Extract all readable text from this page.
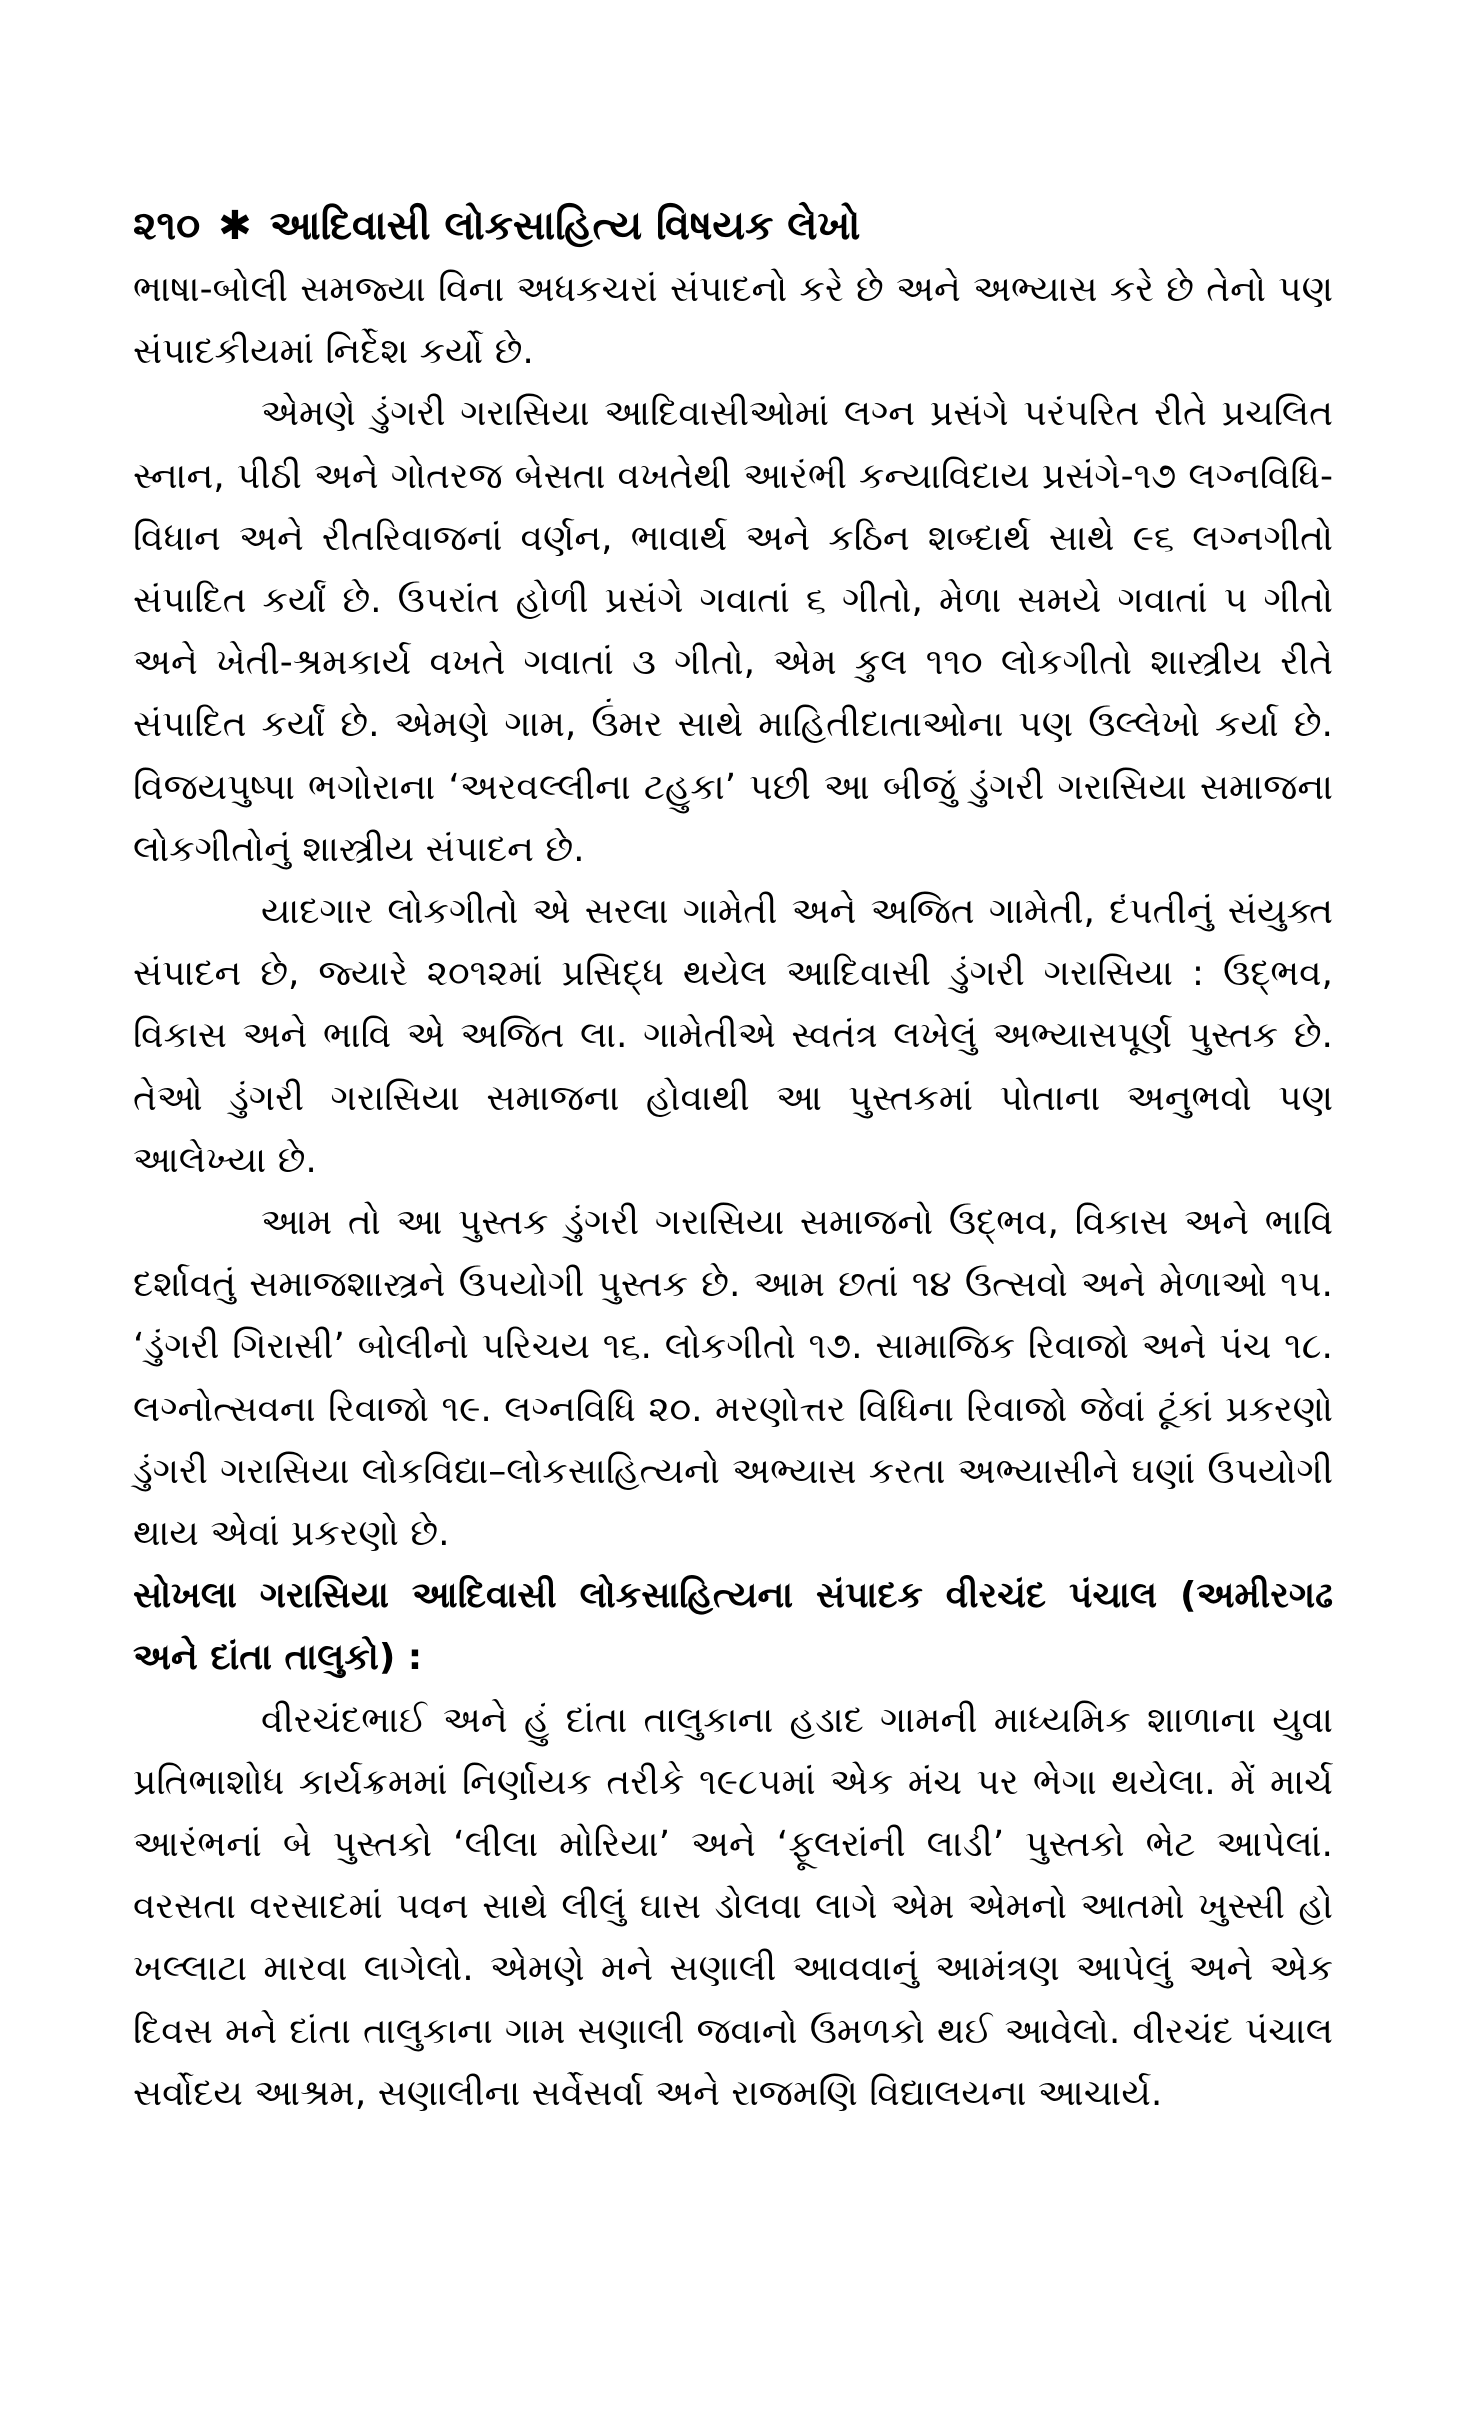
૨૧૦ ✱ આદિવાસી લોકસાહિત્ય વિષયક લેખો

ભાષા-બોલી સમજ્યા વિના અધકચરાં સંપાદનો કરે છે અને અભ્યાસ કરે છે તેનો પણ સંપાદકીયમાં નિર્દેશ કર્યો છે.

એમણે ડુંગરી ગરાસિયા આદિવાસીઓમાં લગ્ન પ્રસંગે પરંપરિત રીતે પ્રચલિત સ્નાન, પીઠી અને ગોતરજ બેસતા વખતેથી આરંભી કન્યાવિદાય પ્રસંગે-૧૭ લગ્નવિધિ-વિધાન અને રીતરિવાજનાં વર્ણન, ભાવાર્થ અને કઠિન શબ્દાર્થ સાથે ૯૬ લગ્નગીતો સંપાદિત કર્યાં છે. ઉપરાંત હોળી પ્રસંગે ગવાતાં ૬ ગીતો, મેળા સમયે ગવાતાં ૫ ગીતો અને ખેતી-શ્રમકાર્ય વખતે ગવાતાં ૩ ગીતો, એમ કુલ ૧૧૦ લોકગીતો શાસ્ત્રીય રીતે સંપાદિત કર્યાં છે. એમણે ગામ, ઉંમર સાથે માહિતીદાતાઓના પણ ઉલ્લેખો કર્યા છે. વિજયપુષ્પા ભગોરાના ‘અરવલ્લીના ટહુકા’ પછી આ બીજું ડુંગરી ગરાસિયા સમાજના લોકગીતોનું શાસ્ત્રીય સંપાદન છે.

યાદગાર લોકગીતો એ સરલા ગામેતી અને અજિત ગામેતી, દંપતીનું સંયુક્ત સંપાદન છે, જ્યારે ૨૦૧૨માં પ્રસિદ્ધ થયેલ આદિવાસી ડુંગરી ગરાસિયા : ઉદ્ભવ, વિકાસ અને ભાવિ એ અજિત લા. ગામેતીએ સ્વતંત્ર લખેલું અભ્યાસપૂર્ણ પુસ્તક છે. તેઓ ડુંગરી ગરાસિયા સમાજના હોવાથી આ પુસ્તકમાં પોતાના અનુભવો પણ આલેખ્યા છે.

આમ તો આ પુસ્તક ડુંગરી ગરાસિયા સમાજનો ઉદ્ભવ, વિકાસ અને ભાવિ દર્શાવતું સમાજશાસ્ત્રને ઉપયોગી પુસ્તક છે. આમ છતાં ૧૪ ઉત્સવો અને મેળાઓ ૧૫. ‘ડુંગરી ગિરાસી’ બોલીનો પરિચય ૧૬. લોકગીતો ૧૭. સામાજિક રિવાજો અને પંચ ૧૮. લગ્નોત્સવના રિવાજો ૧૯. લગ્નવિધિ ૨૦. મરણોત્તર વિધિના રિવાજો જેવાં ટૂંકાં પ્રકરણો ડુંગરી ગરાસિયા લોકવિદ્યા–લોકસાહિત્યનો અભ્યાસ કરતા અભ્યાસીને ઘણાં ઉપયોગી થાય એવાં પ્રકરણો છે.

સોખલા ગરાસિયા આદિવાસી લોકસાહિત્યના સંપાદક વીરચંદ પંચાલ (અમીરગઢ અને દાંતા તાલુકો) :

વીરચંદભાઈ અને હું દાંતા તાલુકાના હડાદ ગામની માધ્યમિક શાળાના યુવા પ્રતિભાશોધ કાર્યક્રમમાં નિર્ણાયક તરીકે ૧૯૮૫માં એક મંચ પર ભેગા થયેલા. મેં માર્ચ આરંભનાં બે પુસ્તકો ‘લીલા મોરિયા’ અને ‘ફૂલરાંની લાડી’ પુસ્તકો ભેટ આપેલાં. વરસતા વરસાદમાં પવન સાથે લીલું ઘાસ ડોલવા લાગે એમ એમનો આતમો ખુસ્સી હો ખલ્લાટા મારવા લાગેલો. એમણે મને સણાલી આવવાનું આમંત્રણ આપેલું અને એક દિવસ મને દાંતા તાલુકાના ગામ સણાલી જવાનો ઉમળકો થઈ આવેલો. વીરચંદ પંચાલ સર્વોદય આશ્રમ, સણાલીના સર્વેસર્વા અને રાજમણિ વિદ્યાલયના આચાર્ય.
